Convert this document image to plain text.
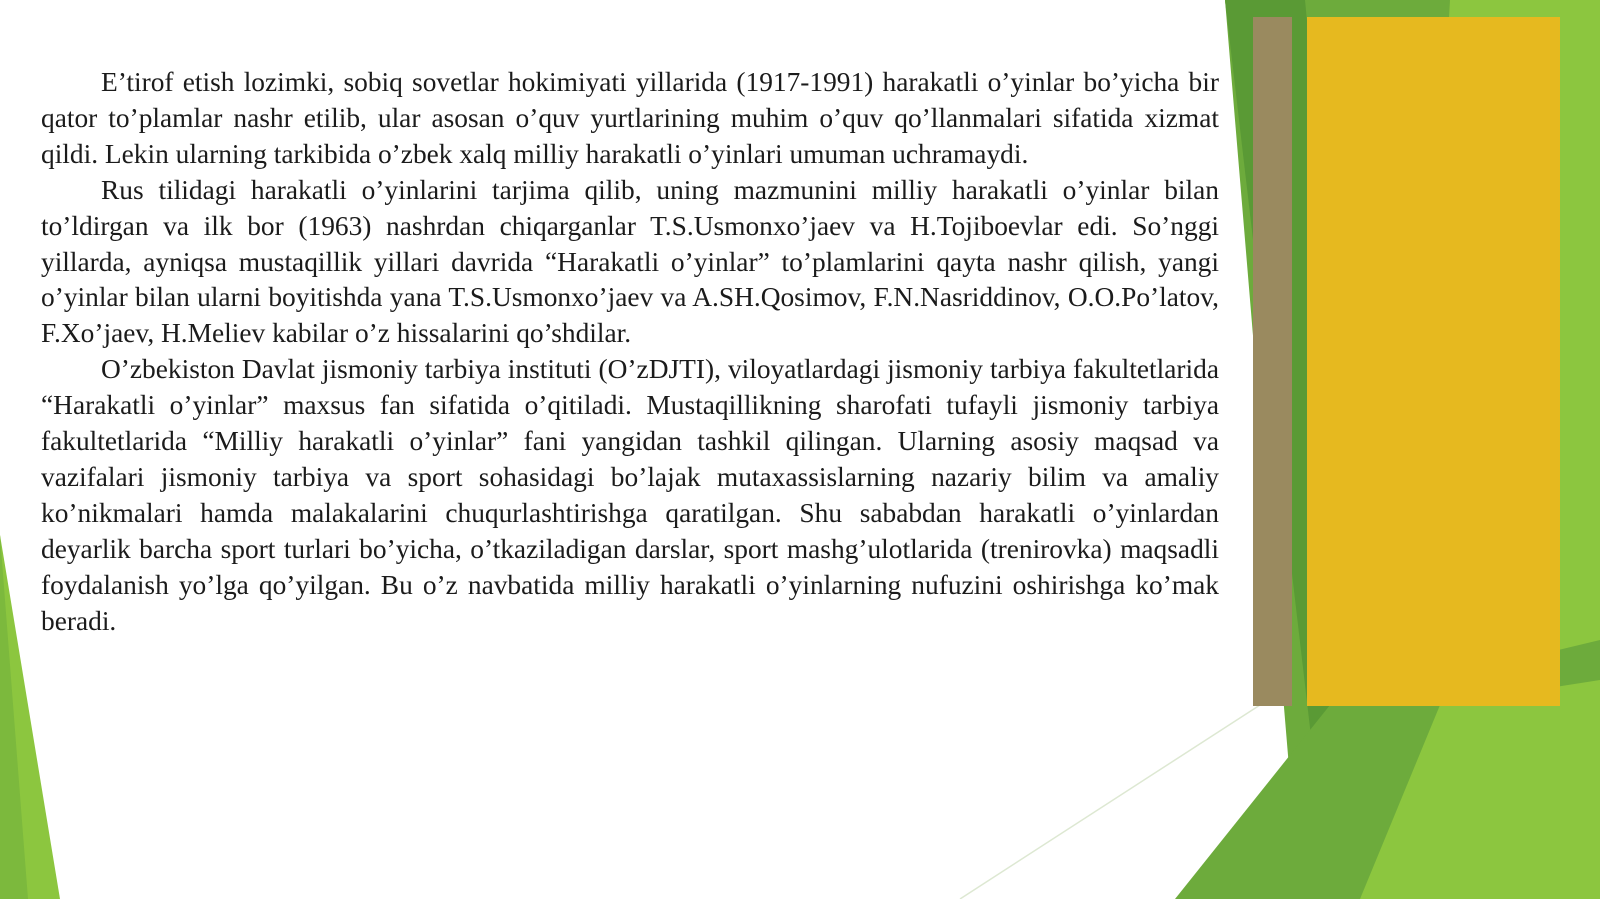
E’tirof etish lozimki, sobiq sovetlar hokimiyati yillarida (1917-1991) harakatli o’yinlar bo’yicha bir qator to’plamlar nashr etilib, ular asosan o’quv yurtlarining muhim o’quv qo’llanmalari sifatida xizmat qildi. Lekin ularning tarkibida o’zbek xalq milliy harakatli o’yinlari umuman uchramaydi.

Rus tilidagi harakatli o’yinlarini tarjima qilib, uning mazmunini milliy harakatli o’yinlar bilan to’ldirgan va ilk bor (1963) nashrdan chiqarganlar T.S.Usmonxo’jaev va H.Tojiboevlar edi. So’nggi yillarda, ayniqsa mustaqillik yillari davrida “Harakatli o’yinlar” to’plamlarini qayta nashr qilish, yangi o’yinlar bilan ularni boyitishda yana T.S.Usmonxo’jaev va A.SH.Qosimov, F.N.Nasriddinov, O.O.Po’latov, F.Xo’jaev, H.Meliev kabilar o’z hissalarini qo’shdilar.

O’zbekiston Davlat jismoniy tarbiya instituti (O’zDJTI), viloyatlardagi jismoniy tarbiya fakultetlarida “Harakatli o’yinlar” maxsus fan sifatida o’qitiladi. Mustaqillikning sharofati tufayli jismoniy tarbiya fakultetlarida “Milliy harakatli o’yinlar” fani yangidan tashkil qilingan. Ularning asosiy maqsad va vazifalari jismoniy tarbiya va sport sohasidagi bo’lajak mutaxassislarning nazariy bilim va amaliy ko’nikmalari hamda malakalarini chuqurlashtirishga qaratilgan. Shu sababdan harakatli o’yinlardan deyarlik barcha sport turlari bo’yicha, o’tkaziladigan darslar, sport mashg’ulotlarida (trenirovka) maqsadli foydalanish yo’lga qo’yilgan. Bu o’z navbatida milliy harakatli o’yinlarning nufuzini oshirishga ko’mak beradi.
